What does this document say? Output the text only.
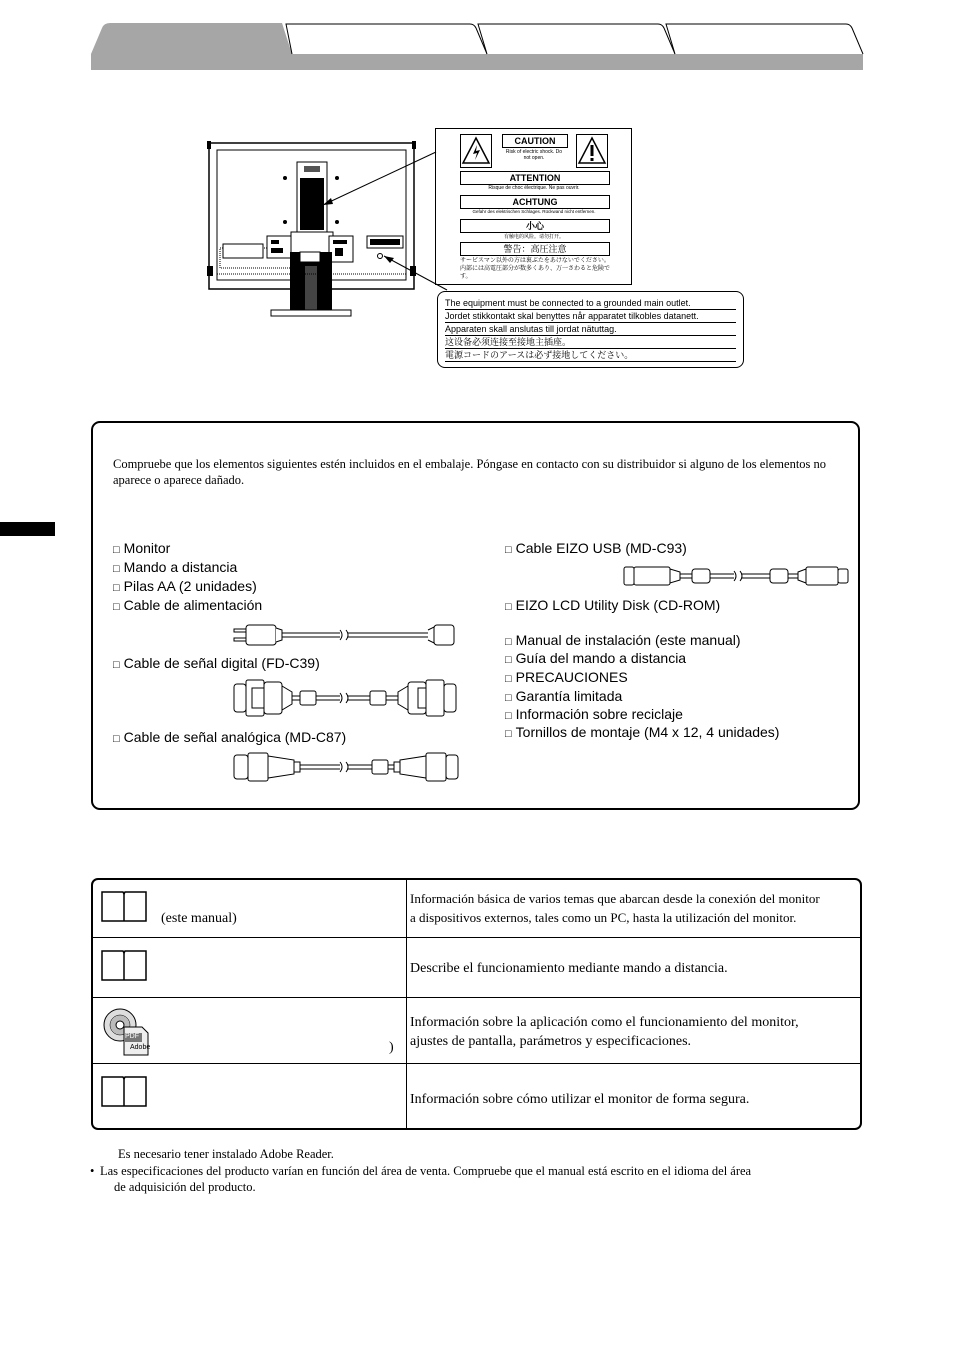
CAUTION
Risk of electric shock. Do not open.
ATTENTION
Risque de choc électrique. Ne pas ouvrir.
ACHTUNG
Gefahr des elektrischen Schlages. Rückwand nicht entfernen.
小心
有触电的风险。请勿打开。
警告：高圧注意
サービスマン以外の方は裏ぶたをあけないでください。内部には高電圧部分が数多くあり、万一さわると危険です。
The equipment must be connected to a grounded main outlet.
Jordet stikkontakt skal benyttes når apparatet tilkobles datanett.
Apparaten skall anslutas till jordat nätuttag.
这设备必须连接至接地主插座。
電源コードのアースは必ず接地してください。
Compruebe que los elementos siguientes estén incluidos en el embalaje. Póngase en contacto con su distribuidor si alguno de los elementos no aparece o aparece dañado.
□ Monitor
□ Mando a distancia
□ Pilas AA (2 unidades)
□ Cable de alimentación
□ Cable de señal digital (FD-C39)
□ Cable de señal analógica (MD-C87)
□ Cable EIZO USB (MD-C93)
□ EIZO LCD Utility Disk (CD-ROM)
□ Manual de instalación (este manual)
□ Guía del mando a distancia
□ PRECAUCIONES
□ Garantía limitada
□ Información sobre reciclaje
□ Tornillos de montaje (M4 x 12, 4 unidades)
(este manual)
Información básica de varios temas que abarcan desde la conexión del monitor
a dispositivos externos, tales como un PC, hasta la utilización del monitor.
Describe el funcionamiento mediante mando a distancia.
PDF
Adobe	)
Información sobre la aplicación como el funcionamiento del monitor,
ajustes de pantalla, parámetros y especificaciones.
Información sobre cómo utilizar el monitor de forma segura.
Es necesario tener instalado Adobe Reader.
• Las especificaciones del producto varían en función del área de venta. Compruebe que el manual está escrito en el idioma del área
de adquisición del producto.
